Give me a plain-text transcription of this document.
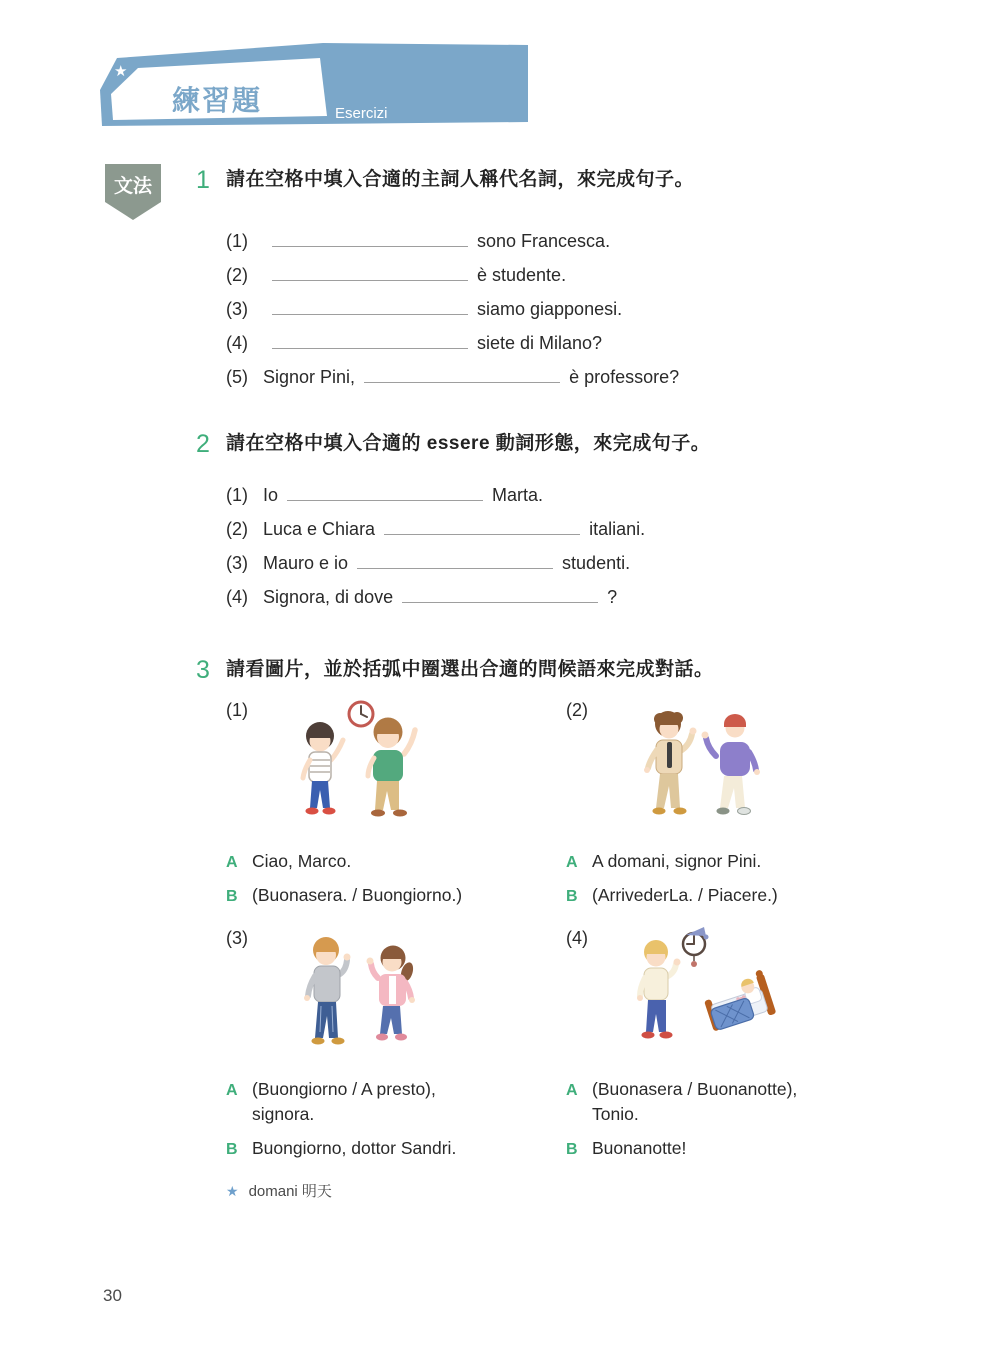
★
練習題	Esercizi
文法 1 請在空格中填入合適的主詞人稱代名詞，來完成句子。
(1)	sono Francesca.
(2)	è studente.
(3)	siamo giapponesi.
(4)	siete di Milano?
(5) Signor Pini,	è professore?
2 請在空格中填入合適的 essere 動詞形態，來完成句子。
(1) Io	Marta.
(2) Luca e Chiara	italiani.
(3) Mauro e io	studenti.
(4) Signora, di dove	?
3 請看圖片，並於括弧中圈選出合適的問候語來完成對話。
(1)
A Ciao, Marco.
B (Buonasera. / Buongiorno.)
(2)
A A domani, signor Pini.
B (ArrivederLa. / Piacere.)
(3)
A (Buongiorno / A presto),
signora.
B Buongiorno, dottor Sandri.
(4)
A (Buonasera / Buonanotte),
Tonio.
B Buonanotte!
★ domani 明天
30
